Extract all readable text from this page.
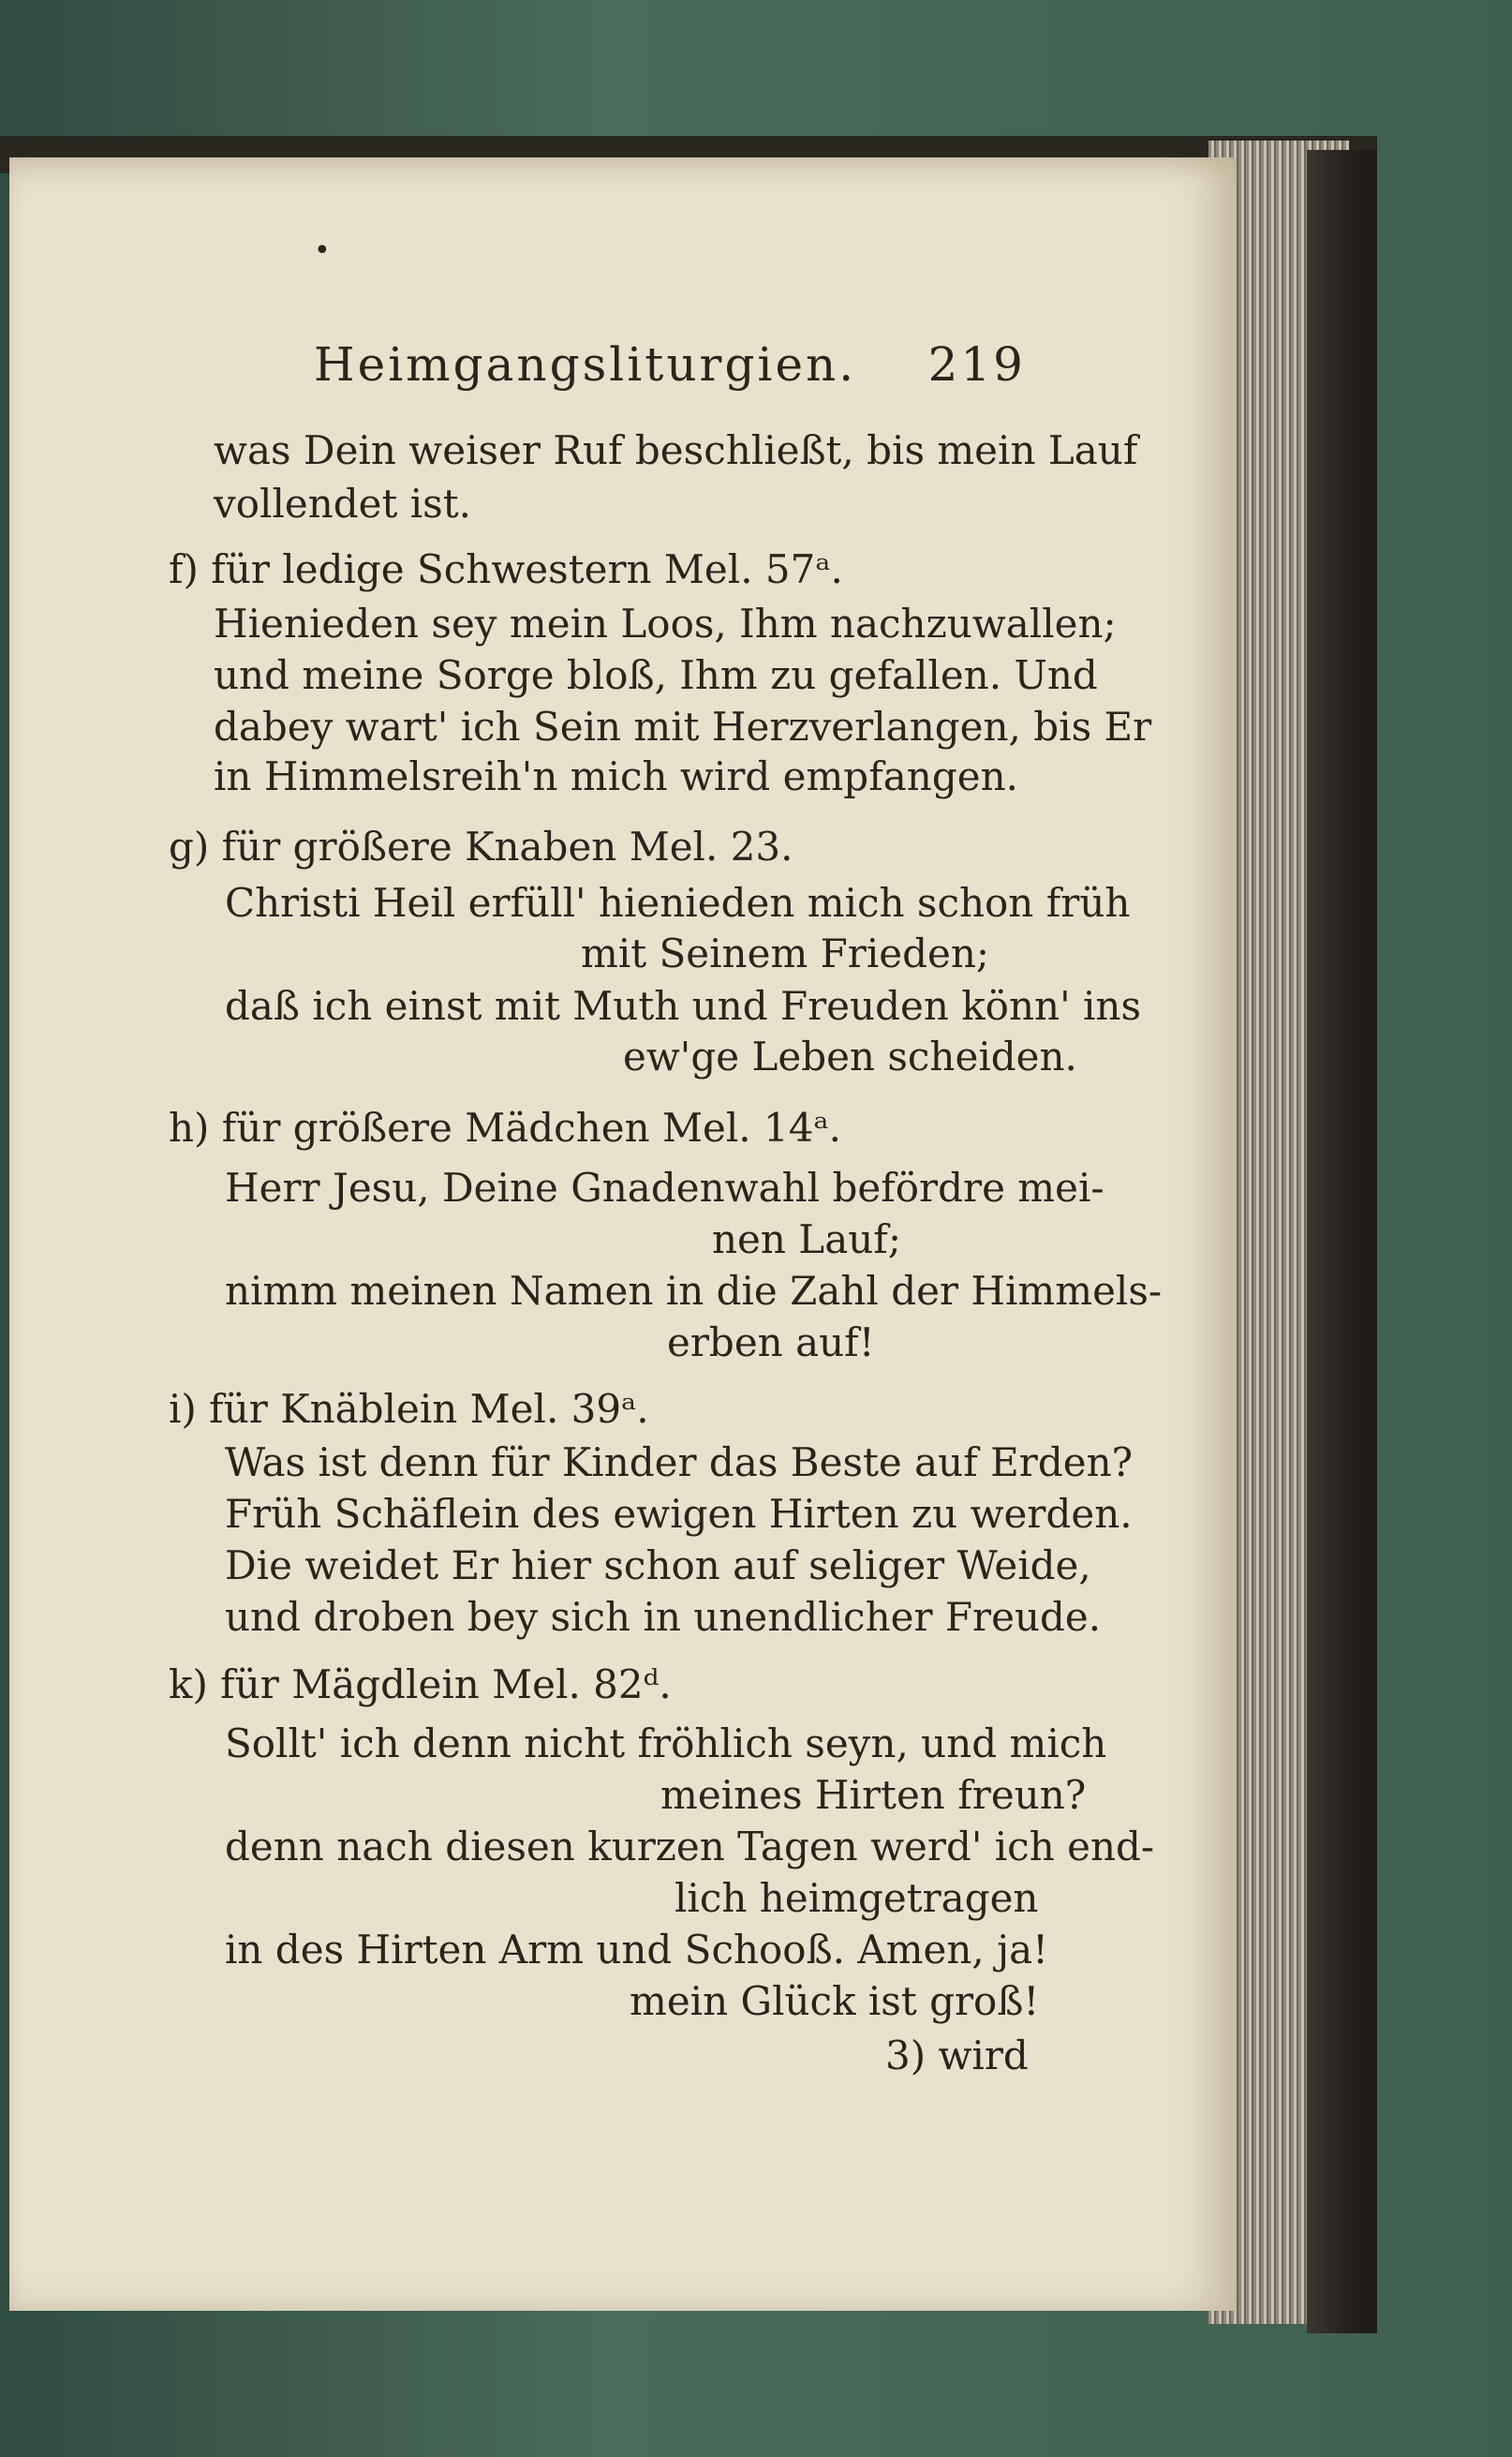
•
Heimgangsliturgien. 219
was Dein weiser Ruf beschließt, bis mein Lauf
vollendet ist.
f) für ledige Schwestern Mel. 57ᵃ.
Hienieden sey mein Loos, Ihm nachzuwallen;
und meine Sorge bloß, Ihm zu gefallen. Und
dabey wart' ich Sein mit Herzverlangen, bis Er
in Himmelsreih'n mich wird empfangen.
g) für größere Knaben Mel. 23.
Christi Heil erfüll' hienieden mich schon früh
mit Seinem Frieden;
daß ich einst mit Muth und Freuden könn' ins
ew'ge Leben scheiden.
h) für größere Mädchen Mel. 14ᵃ.
Herr Jesu, Deine Gnadenwahl befördre mei-
nen Lauf;
nimm meinen Namen in die Zahl der Himmels-
erben auf!
i) für Knäblein Mel. 39ᵃ.
Was ist denn für Kinder das Beste auf Erden?
Früh Schäflein des ewigen Hirten zu werden.
Die weidet Er hier schon auf seliger Weide,
und droben bey sich in unendlicher Freude.
k) für Mägdlein Mel. 82ᵈ.
Sollt' ich denn nicht fröhlich seyn, und mich
meines Hirten freun?
denn nach diesen kurzen Tagen werd' ich end-
lich heimgetragen
in des Hirten Arm und Schooß. Amen, ja!
mein Glück ist groß!
3) wird
